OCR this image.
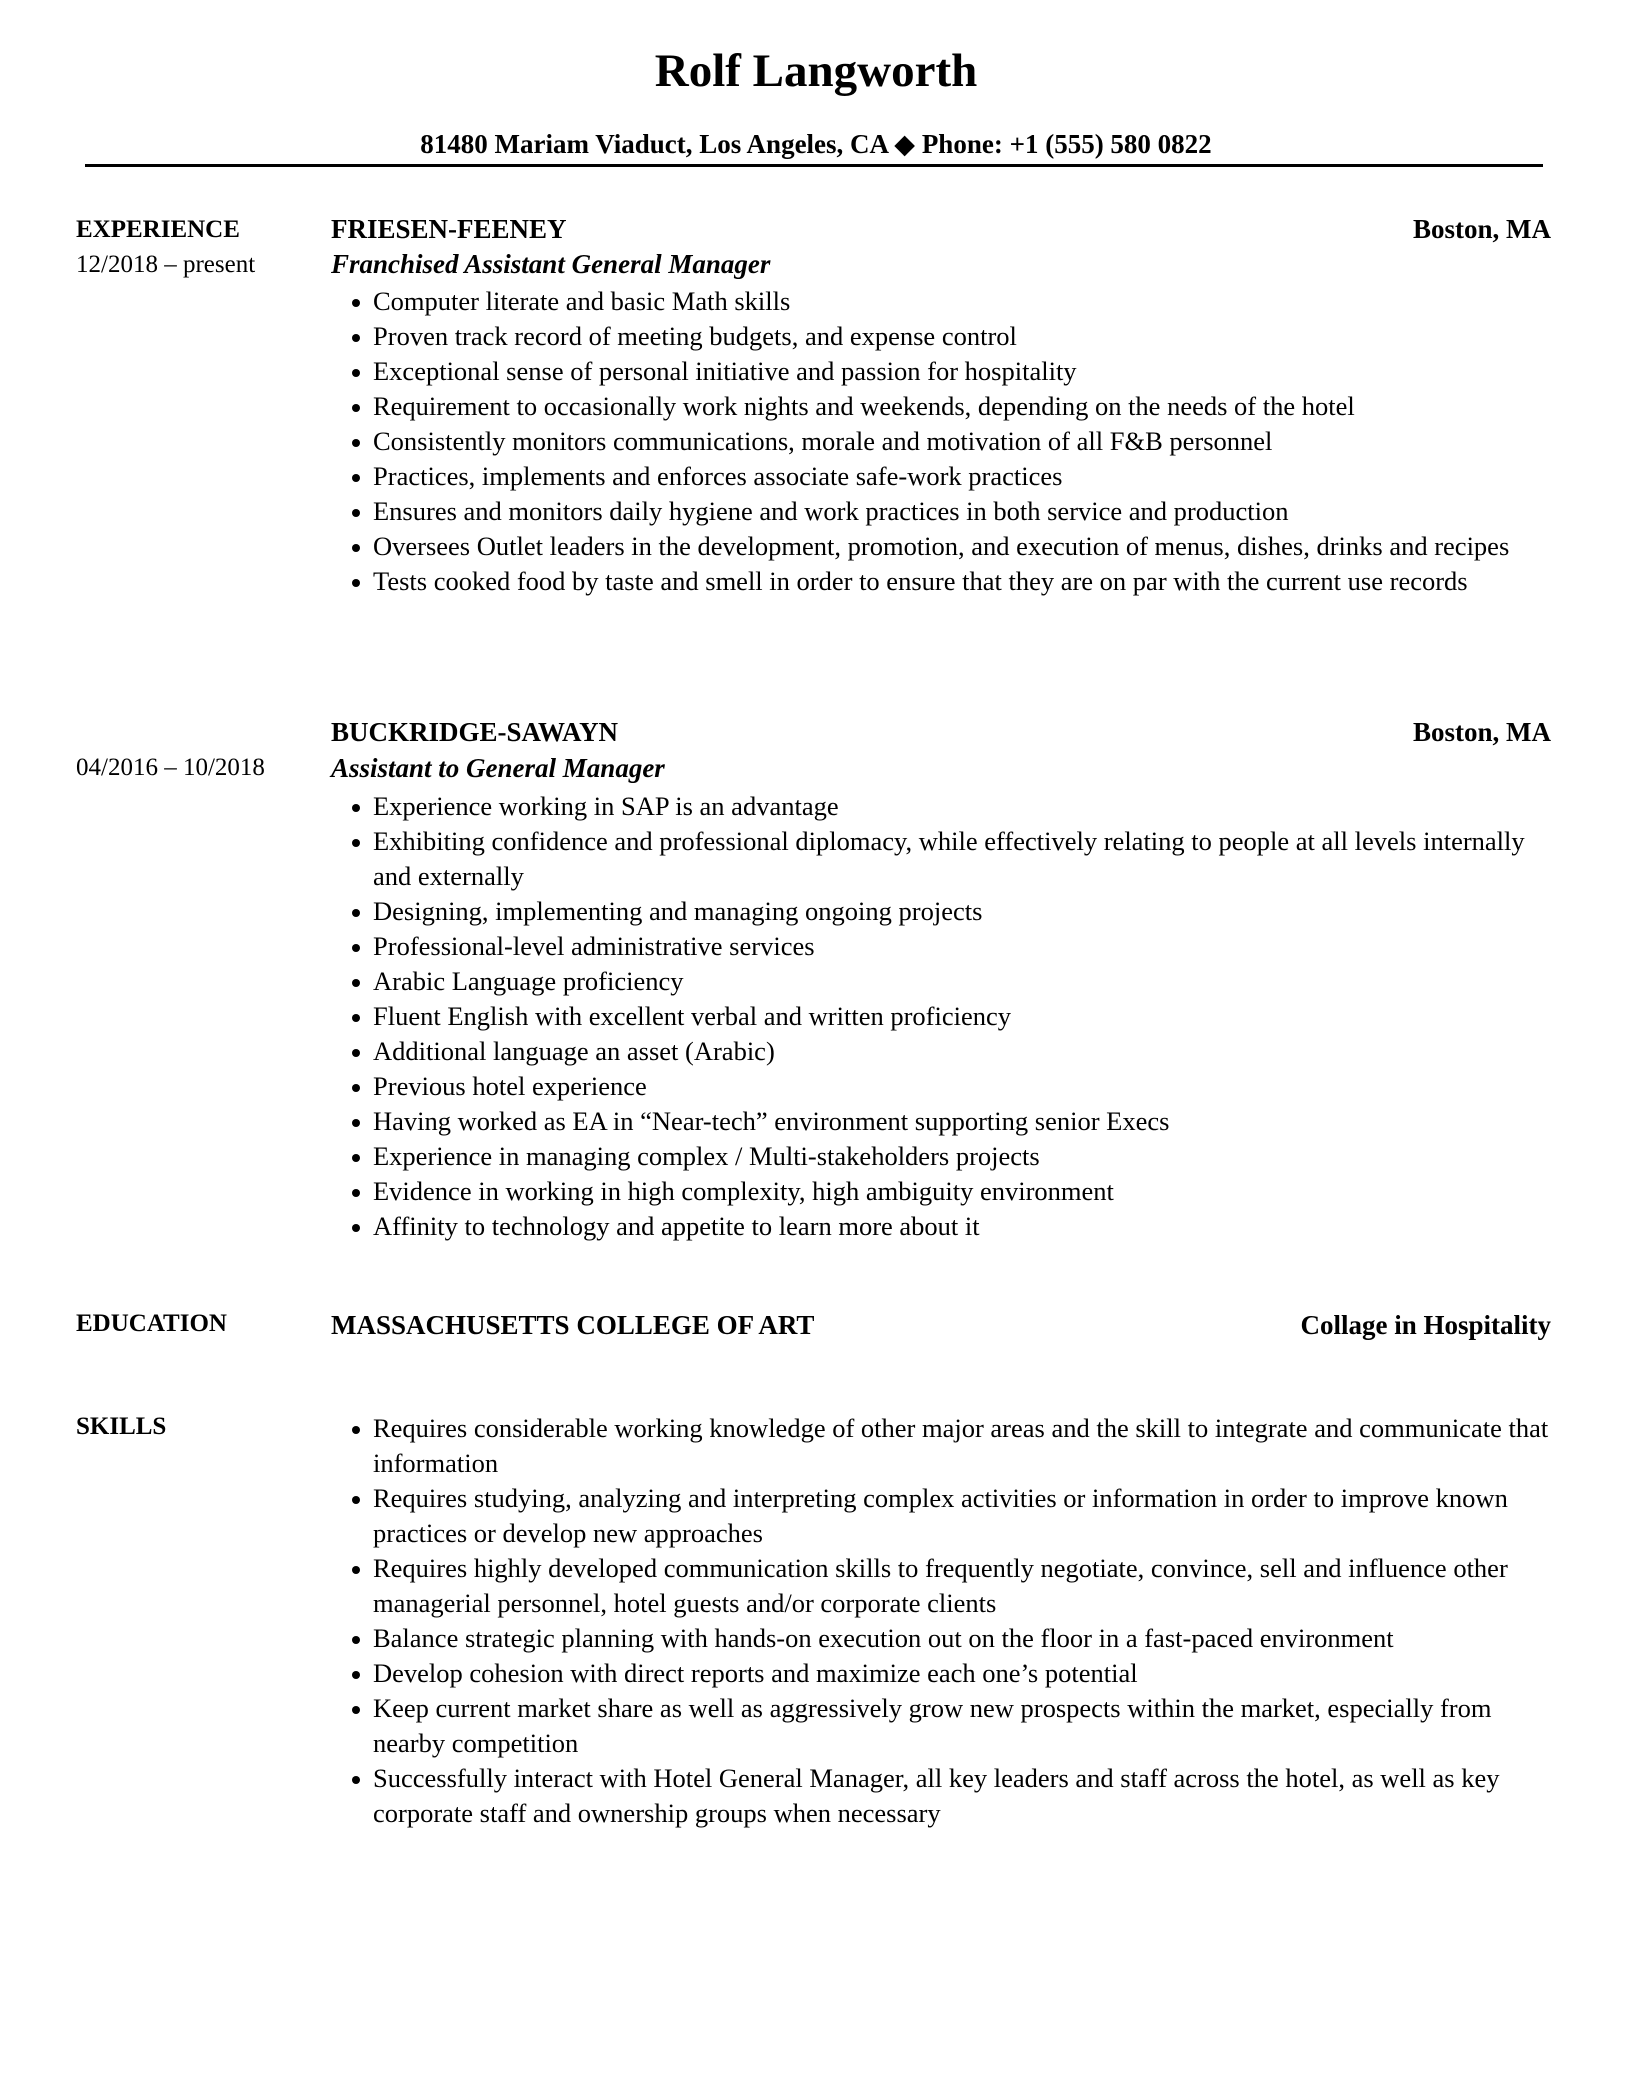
Rolf Langworth
81480 Mariam Viaduct, Los Angeles, CA ◆ Phone: +1 (555) 580 0822
EXPERIENCE
12/2018 – present
FRIESEN-FEENEY	Boston, MA
Franchised Assistant General Manager
Computer literate and basic Math skills
Proven track record of meeting budgets, and expense control
Exceptional sense of personal initiative and passion for hospitality
Requirement to occasionally work nights and weekends, depending on the needs of the hotel
Consistently monitors communications, morale and motivation of all F&B personnel
Practices, implements and enforces associate safe-work practices
Ensures and monitors daily hygiene and work practices in both service and production
Oversees Outlet leaders in the development, promotion, and execution of menus, dishes, drinks and recipes
Tests cooked food by taste and smell in order to ensure that they are on par with the current use records
BUCKRIDGE-SAWAYN	Boston, MA
04/2016 – 10/2018 Assistant to General Manager
Experience working in SAP is an advantage
Exhibiting confidence and professional diplomacy, while effectively relating to people at all levels internally and externally
Designing, implementing and managing ongoing projects
Professional-level administrative services
Arabic Language proficiency
Fluent English with excellent verbal and written proficiency
Additional language an asset (Arabic)
Previous hotel experience
Having worked as EA in “Near-tech” environment supporting senior Execs
Experience in managing complex / Multi-stakeholders projects
Evidence in working in high complexity, high ambiguity environment
Affinity to technology and appetite to learn more about it
EDUCATION	MASSACHUSETTS COLLEGE OF ART	Collage in Hospitality
SKILLS	Requires considerable working knowledge of other major areas and the skill to integrate and communicate that information
Requires studying, analyzing and interpreting complex activities or information in order to improve known practices or develop new approaches
Requires highly developed communication skills to frequently negotiate, convince, sell and influence other managerial personnel, hotel guests and/or corporate clients
Balance strategic planning with hands-on execution out on the floor in a fast-paced environment
Develop cohesion with direct reports and maximize each one’s potential
Keep current market share as well as aggressively grow new prospects within the market, especially from nearby competition
Successfully interact with Hotel General Manager, all key leaders and staff across the hotel, as well as key corporate staff and ownership groups when necessary
